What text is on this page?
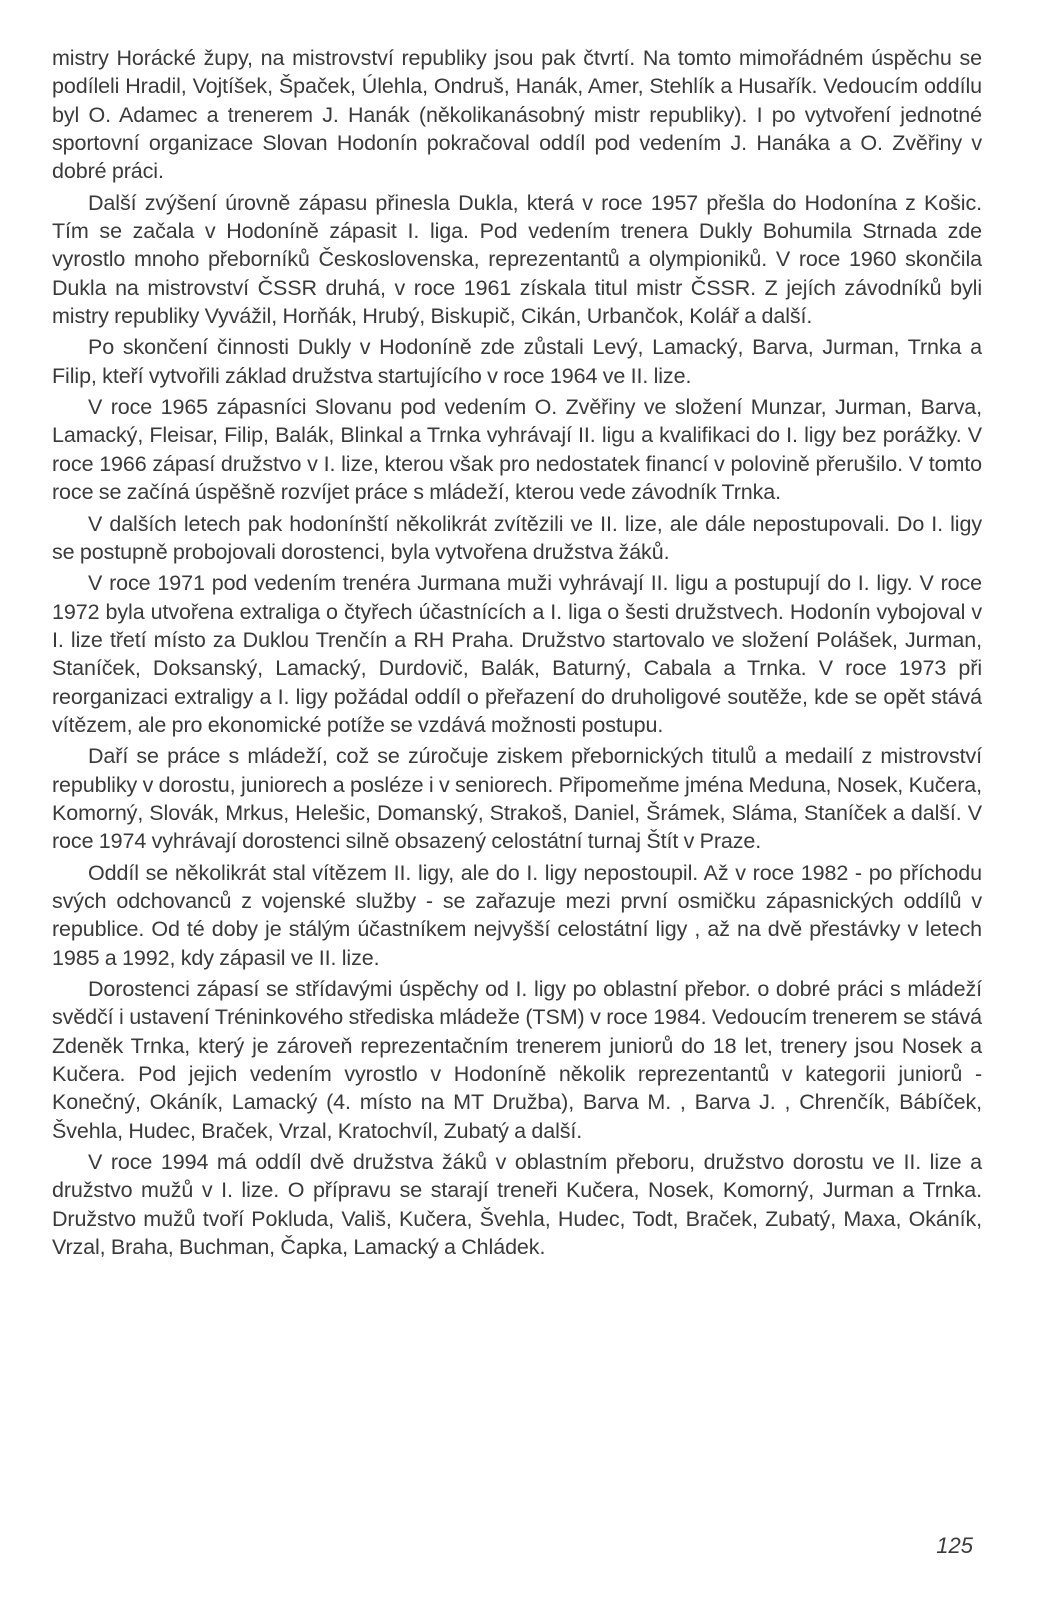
mistry Horácké župy, na mistrovství republiky jsou pak čtvrtí. Na tomto mimořádném úspěchu se podíleli Hradil, Vojtíšek, Špaček, Úlehla, Ondruš, Hanák, Amer, Stehlík a Husařík. Vedoucím oddílu byl O. Adamec a trenerem J. Hanák (několikanásobný mistr republiky). I po vytvoření jednotné sportovní organizace Slovan Hodonín pokračoval oddíl pod vedením J. Hanáka a O. Zvěřiny v dobré práci.

Další zvýšení úrovně zápasu přinesla Dukla, která v roce 1957 přešla do Hodonína z Košic. Tím se začala v Hodoníně zápasit I. liga. Pod vedením trenera Dukly Bohumila Strnada zde vyrostlo mnoho přeborníků Československa, reprezentantů a olympioniků. V roce 1960 skončila Dukla na mistrovství ČSSR druhá, v roce 1961 získala titul mistr ČSSR. Z jejích závodníků byli mistry republiky Vyvážil, Horňák, Hrubý, Biskupič, Cikán, Urbančok, Kolář a další.

Po skončení činnosti Dukly v Hodoníně zde zůstali Levý, Lamacký, Barva, Jurman, Trnka a Filip, kteří vytvořili základ družstva startujícího v roce 1964 ve II. lize.

V roce 1965 zápasníci Slovanu pod vedením O. Zvěřiny ve složení Munzar, Jurman, Barva, Lamacký, Fleisar, Filip, Balák, Blinkal a Trnka vyhrávají II. ligu a kvalifikaci do I. ligy bez porážky. V roce 1966 zápasí družstvo v I. lize, kterou však pro nedostatek financí v polovině přerušilo. V tomto roce se začíná úspěšně rozvíjet práce s mládeží, kterou vede závodník Trnka.

V dalších letech pak hodonínští několikrát zvítězili ve II. lize, ale dále nepostupovali. Do I. ligy se postupně probojovali dorostenci, byla vytvořena družstva žáků.

V roce 1971 pod vedením trenéra Jurmana muži vyhrávají II. ligu a postupují do I. ligy. V roce 1972 byla utvořena extraliga o čtyřech účastnících a I. liga o šesti družstvech. Hodonín vybojoval v I. lize třetí místo za Duklou Trenčín a RH Praha. Družstvo startovalo ve složení Polášek, Jurman, Staníček, Doksanský, Lamacký, Durdovič, Balák, Baturný, Cabala a Trnka. V roce 1973 při reorganizaci extraligy a I. ligy požádal oddíl o přeřazení do druholigové soutěže, kde se opět stává vítězem, ale pro ekonomické potíže se vzdává možnosti postupu.

Daří se práce s mládeží, což se zúročuje ziskem přebornických titulů a medailí z mistrovství republiky v dorostu, juniorech a posléze i v seniorech. Připomeňme jména Meduna, Nosek, Kučera, Komorný, Slovák, Mrkus, Helešic, Domanský, Strakoš, Daniel, Šrámek, Sláma, Staníček a další. V roce 1974 vyhrávají dorostenci silně obsazený celostátní turnaj Štít v Praze.

Oddíl se několikrát stal vítězem II. ligy, ale do I. ligy nepostoupil. Až v roce 1982 - po příchodu svých odchovanců z vojenské služby - se zařazuje mezi první osmičku zápasnických oddílů v republice. Od té doby je stálým účastníkem nejvyšší celostátní ligy , až na dvě přestávky v letech 1985 a 1992, kdy zápasil ve II. lize.

Dorostenci zápasí se střídavými úspěchy od I. ligy po oblastní přebor. o dobré práci s mládeží svědčí i ustavení Tréninkového střediska mládeže (TSM) v roce 1984. Vedoucím trenerem se stává Zdeněk Trnka, který je zároveň reprezentačním trenerem juniorů do 18 let, trenery jsou Nosek a Kučera. Pod jejich vedením vyrostlo v Hodoníně několik reprezentantů v kategorii juniorů - Konečný, Okáník, Lamacký (4. místo na MT Družba), Barva M. , Barva J. , Chrenčík, Bábíček, Švehla, Hudec, Braček, Vrzal, Kratochvíl, Zubatý a další.

V roce 1994 má oddíl dvě družstva žáků v oblastním přeboru, družstvo dorostu ve II. lize a družstvo mužů v I. lize. O přípravu se starají treneři Kučera, Nosek, Komorný, Jurman a Trnka. Družstvo mužů tvoří Pokluda, Vališ, Kučera, Švehla, Hudec, Todt, Braček, Zubatý, Maxa, Okáník, Vrzal, Braha, Buchman, Čapka, Lamacký a Chládek.

125
